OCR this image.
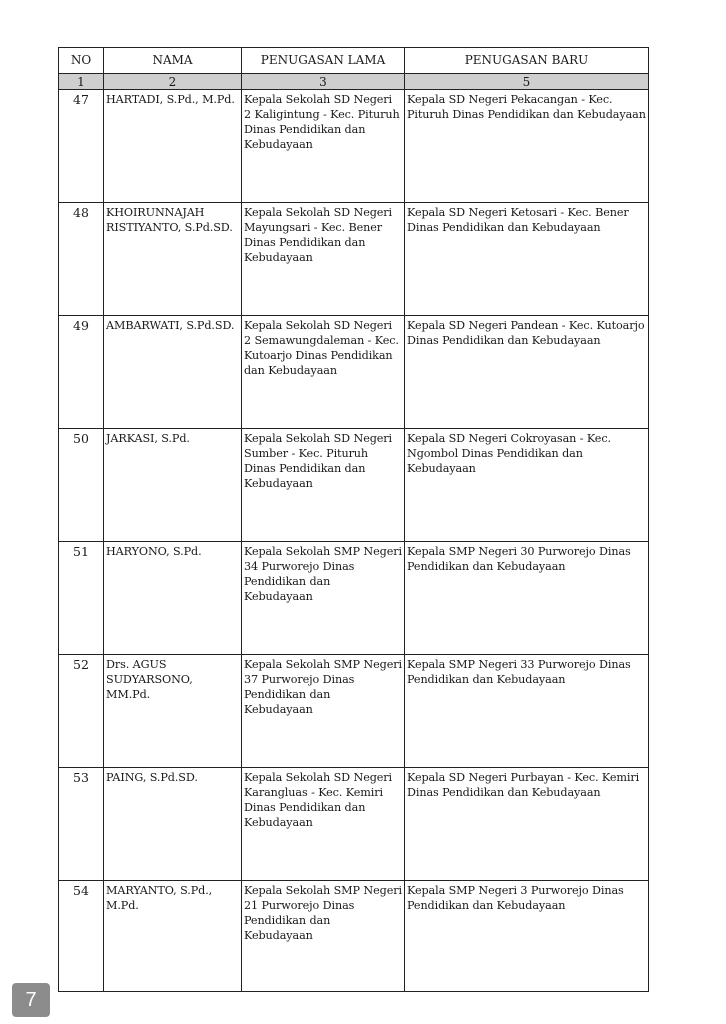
NO	NAMA	PENUGASAN LAMA	PENUGASAN BARU
1	2	3	5
47	HARTADI, S.Pd., M.Pd.	Kepala Sekolah SD Negeri 2 Kaligintung - Kec. Pituruh Dinas Pendidikan dan Kebudayaan	Kepala SD Negeri Pekacangan - Kec. Pituruh Dinas Pendidikan dan Kebudayaan
48	KHOIRUNNAJAH RISTIYANTO, S.Pd.SD.	Kepala Sekolah SD Negeri Mayungsari - Kec. Bener Dinas Pendidikan dan Kebudayaan	Kepala SD Negeri Ketosari - Kec. Bener Dinas Pendidikan dan Kebudayaan
49	AMBARWATI, S.Pd.SD.	Kepala Sekolah SD Negeri 2 Semawungdaleman - Kec. Kutoarjo Dinas Pendidikan dan Kebudayaan	Kepala SD Negeri Pandean - Kec. Kutoarjo Dinas Pendidikan dan Kebudayaan
50	JARKASI, S.Pd.	Kepala Sekolah SD Negeri Sumber - Kec. Pituruh Dinas Pendidikan dan Kebudayaan	Kepala SD Negeri Cokroyasan - Kec. Ngombol Dinas Pendidikan dan Kebudayaan
51	HARYONO, S.Pd.	Kepala Sekolah SMP Negeri 34 Purworejo Dinas Pendidikan dan Kebudayaan	Kepala SMP Negeri 30 Purworejo Dinas Pendidikan dan Kebudayaan
52	Drs. AGUS SUDYARSONO, MM.Pd.	Kepala Sekolah SMP Negeri 37 Purworejo Dinas Pendidikan dan Kebudayaan	Kepala SMP Negeri 33 Purworejo Dinas Pendidikan dan Kebudayaan
53	PAING, S.Pd.SD.	Kepala Sekolah SD Negeri Karangluas - Kec. Kemiri Dinas Pendidikan dan Kebudayaan	Kepala SD Negeri Purbayan - Kec. Kemiri Dinas Pendidikan dan Kebudayaan
54	MARYANTO, S.Pd., M.Pd.	Kepala Sekolah SMP Negeri 21 Purworejo Dinas Pendidikan dan Kebudayaan	Kepala SMP Negeri 3 Purworejo Dinas Pendidikan dan Kebudayaan
7
